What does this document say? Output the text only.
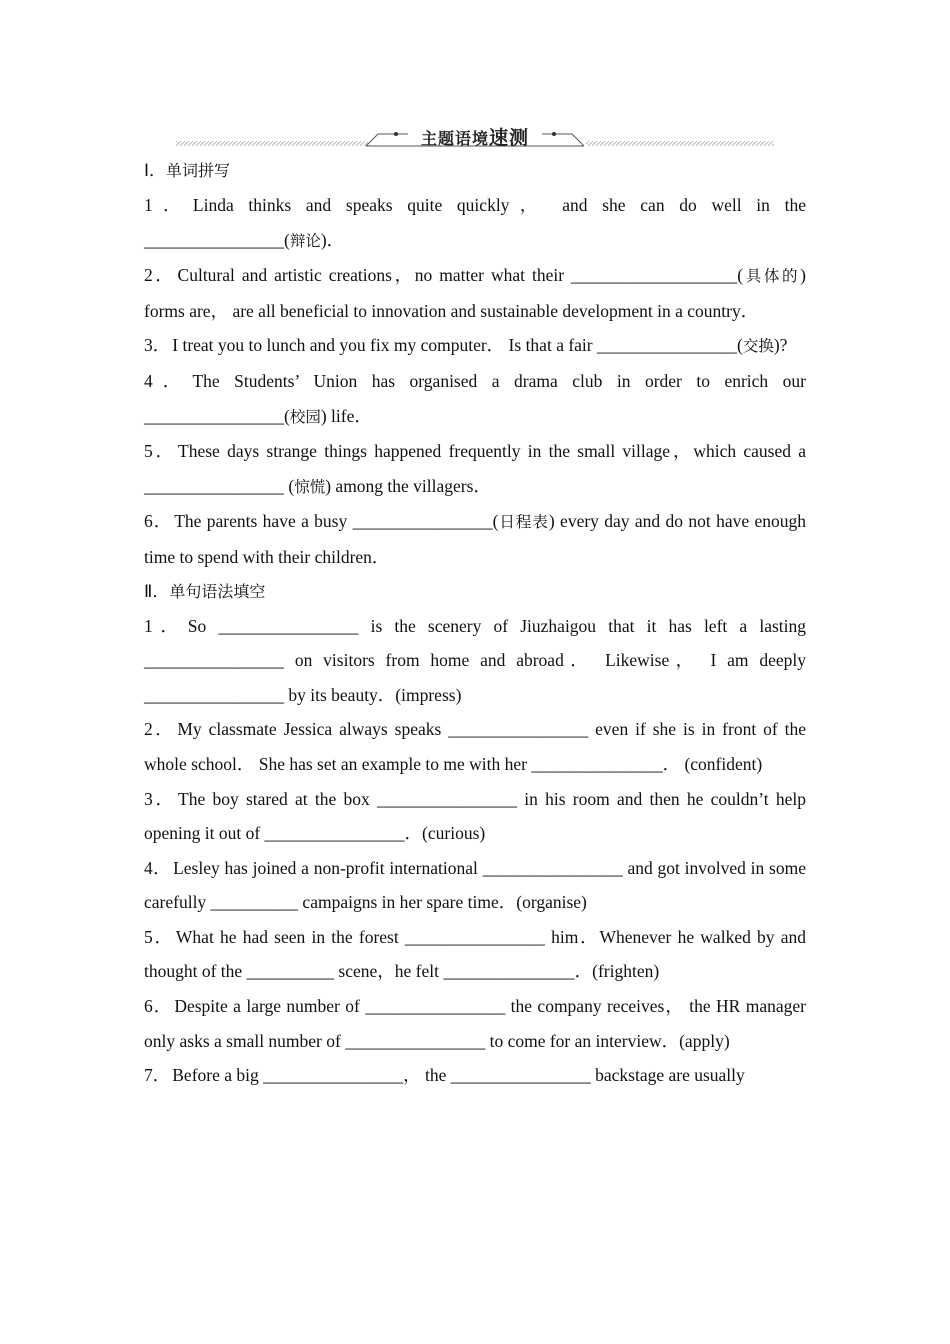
主题语境速测
Ⅰ．单词拼写
1． Linda thinks and speaks quite quickly， and she can do well in the ________________(辩论)．
2． Cultural and artistic creations，no matter what their ___________________(具体的) forms are， are all beneficial to innovation and sustainable development in a country．
3． I treat you to lunch and you fix my computer． Is that a fair ________________(交换)?
4． The Students’ Union has organised a drama club in order to enrich our ________________(校园) life．
5． These days strange things happened frequently in the small village，which caused a ________________ (惊慌) among the villagers．
6． The parents have a busy ________________(日程表) every day and do not have enough time to spend with their children．
Ⅱ．单句语法填空
1． So ________________ is the scenery of Jiuzhaigou that it has left a lasting ________________ on visitors from home and abroad． Likewise， I am deeply ________________ by its beauty．(impress)
2． My classmate Jessica always speaks ________________ even if she is in front of the whole school． She has set an example to me with her _______________． (confident)
3． The boy stared at the box ________________ in his room and then he couldn’t help opening it out of ________________．(curious)
4． Lesley has joined a non-profit international ________________ and got involved in some carefully __________ campaigns in her spare time．(organise)
5． What he had seen in the forest ________________ him．Whenever he walked by and thought of the __________ scene，he felt _______________．(frighten)
6． Despite a large number of ________________ the company receives， the HR manager only asks a small number of ________________ to come for an interview．(apply)
7． Before a big ________________， the ________________ backstage are usually
